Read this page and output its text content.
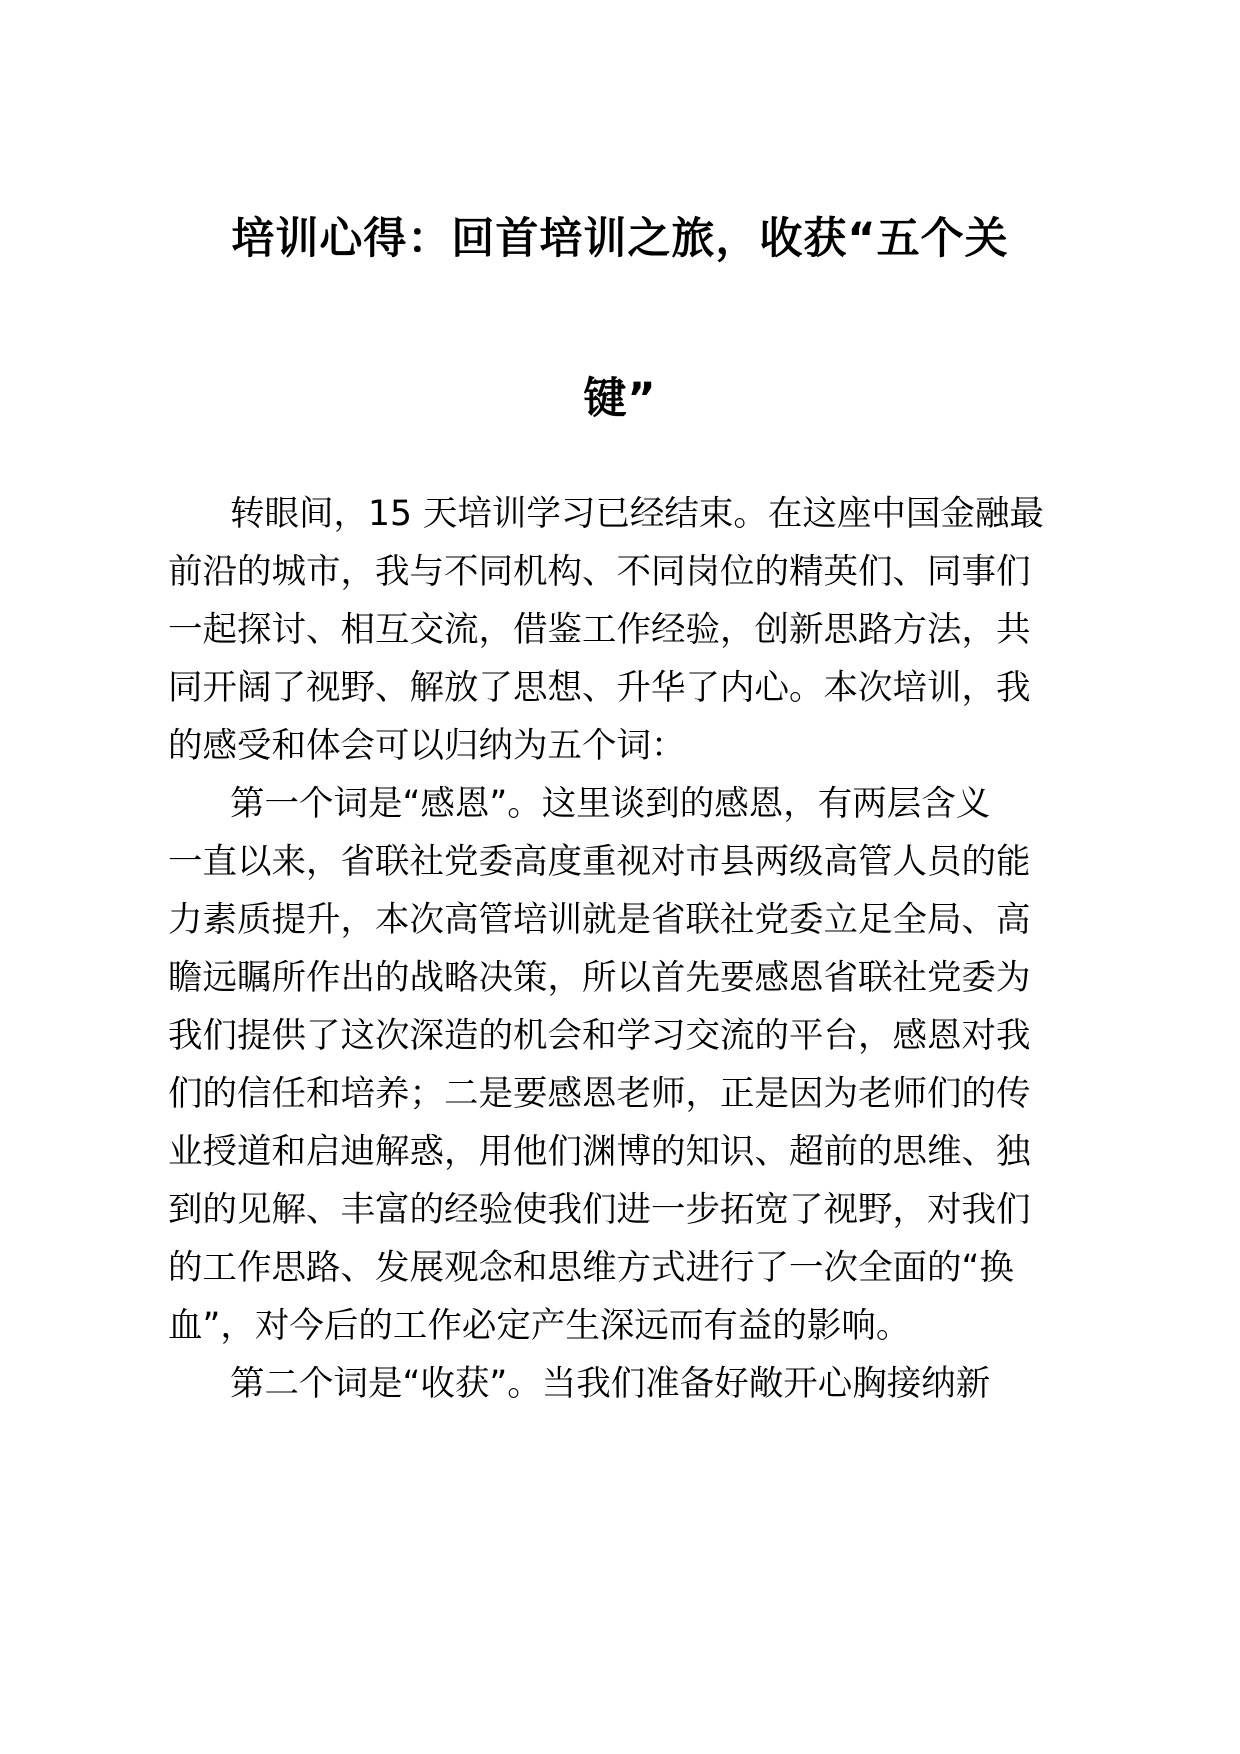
培训心得：回首培训之旅，收获“五个关
键”
转眼间，15 天培训学习已经结束。在这座中国金融最
前沿的城市，我与不同机构、不同岗位的精英们、同事们
一起探讨、相互交流，借鉴工作经验，创新思路方法，共
同开阔了视野、解放了思想、升华了内心。本次培训，我
的感受和体会可以归纳为五个词：
第一个词是“感恩”。这里谈到的感恩，有两层含义
一直以来，省联社党委高度重视对市县两级高管人员的能
力素质提升，本次高管培训就是省联社党委立足全局、高
瞻远瞩所作出的战略决策，所以首先要感恩省联社党委为
我们提供了这次深造的机会和学习交流的平台，感恩对我
们的信任和培养；二是要感恩老师，正是因为老师们的传
业授道和启迪解惑，用他们渊博的知识、超前的思维、独
到的见解、丰富的经验使我们进一步拓宽了视野，对我们
的工作思路、发展观念和思维方式进行了一次全面的“换
血”，对今后的工作必定产生深远而有益的影响。
第二个词是“收获”。当我们准备好敞开心胸接纳新
